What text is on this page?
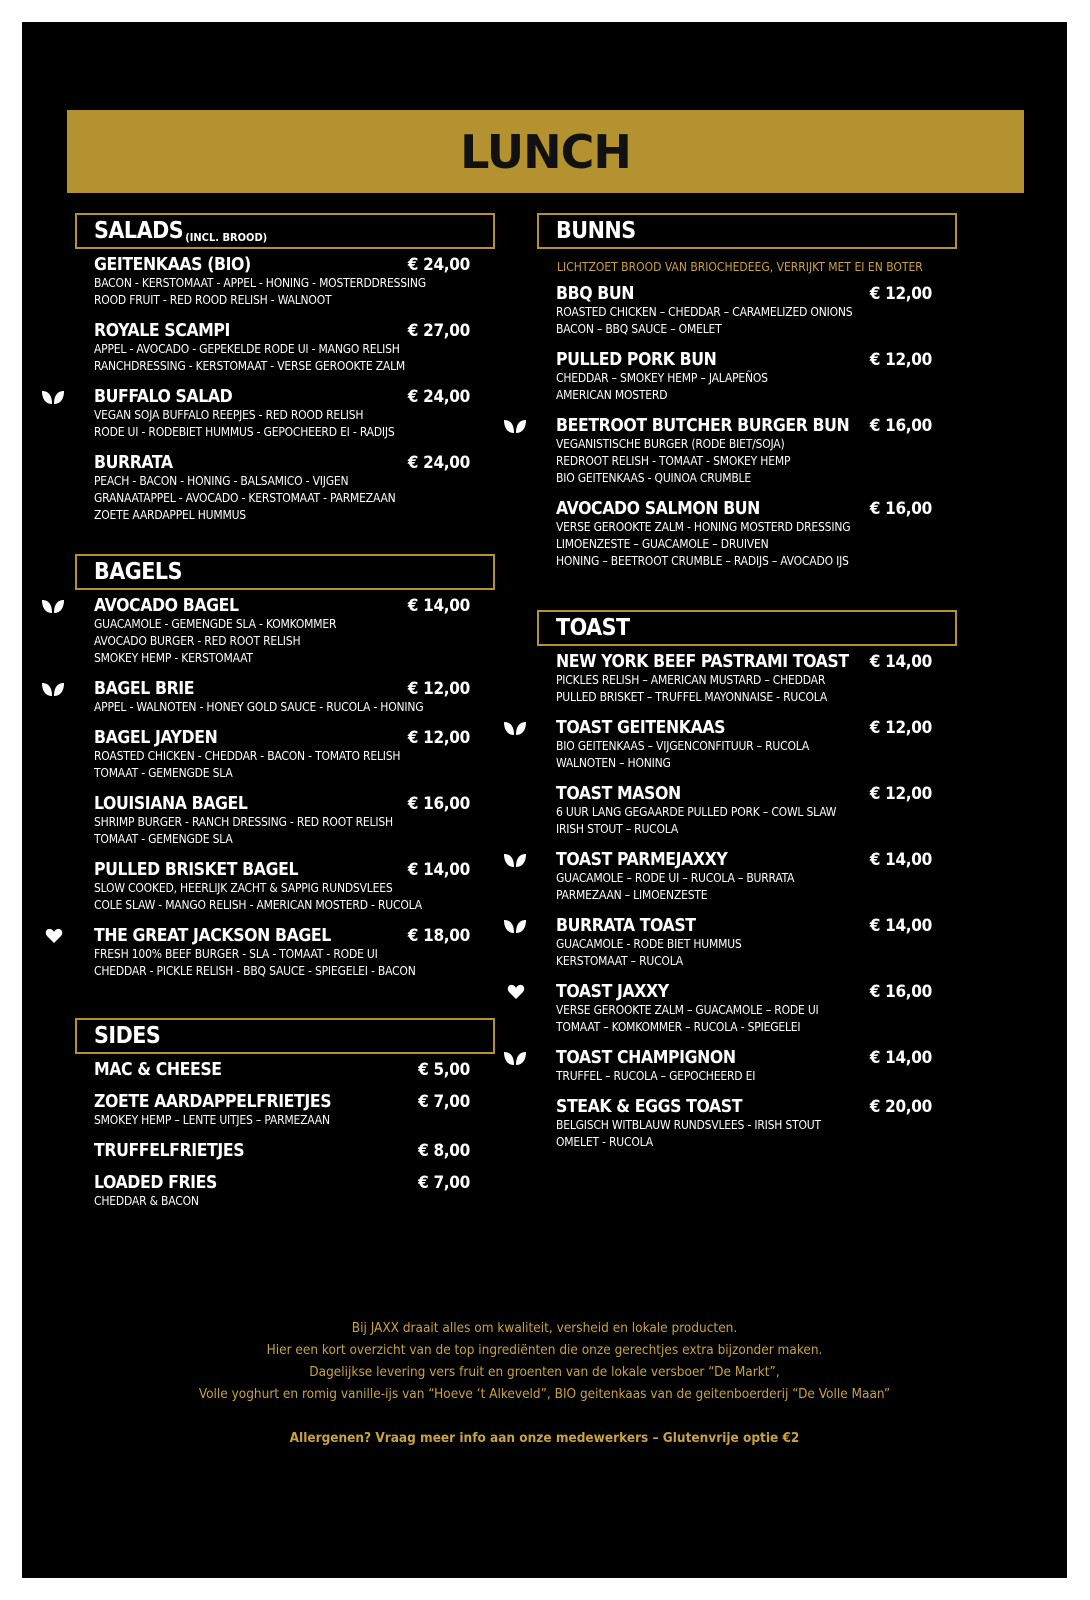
LUNCH
SALADS (INCL. BROOD)
GEITENKAAS (BIO)	€ 24,00
BACON - KERSTOMAAT - APPEL - HONING - MOSTERDDRESSING
ROOD FRUIT - RED ROOD RELISH - WALNOOT
ROYALE SCAMPI	€ 27,00
APPEL - AVOCADO - GEPEKELDE RODE UI - MANGO RELISH
RANCHDRESSING - KERSTOMAAT - VERSE GEROOKTE ZALM
BUFFALO SALAD	€ 24,00
VEGAN SOJA BUFFALO REEPJES - RED ROOD RELISH
RODE UI - RODEBIET HUMMUS - GEPOCHEERD EI - RADIJS
BURRATA	€ 24,00
PEACH - BACON - HONING - BALSAMICO - VIJGEN
GRANAATAPPEL - AVOCADO - KERSTOMAAT - PARMEZAAN
ZOETE AARDAPPEL HUMMUS
BAGELS
AVOCADO BAGEL	€ 14,00
GUACAMOLE - GEMENGDE SLA - KOMKOMMER
AVOCADO BURGER - RED ROOT RELISH
SMOKEY HEMP - KERSTOMAAT
BAGEL BRIE	€ 12,00
APPEL - WALNOTEN - HONEY GOLD SAUCE - RUCOLA - HONING
BAGEL JAYDEN	€ 12,00
ROASTED CHICKEN - CHEDDAR - BACON - TOMATO RELISH
TOMAAT - GEMENGDE SLA
LOUISIANA BAGEL	€ 16,00
SHRIMP BURGER - RANCH DRESSING - RED ROOT RELISH
TOMAAT - GEMENGDE SLA
PULLED BRISKET BAGEL	€ 14,00
SLOW COOKED, HEERLIJK ZACHT & SAPPIG RUNDSVLEES
COLE SLAW - MANGO RELISH - AMERICAN MOSTERD - RUCOLA
THE GREAT JACKSON BAGEL	€ 18,00
FRESH 100% BEEF BURGER - SLA - TOMAAT - RODE UI
CHEDDAR - PICKLE RELISH - BBQ SAUCE - SPIEGELEI - BACON
SIDES
MAC & CHEESE	€ 5,00
ZOETE AARDAPPELFRIETJES	€ 7,00
SMOKEY HEMP – LENTE UITJES – PARMEZAAN
TRUFFELFRIETJES	€ 8,00
LOADED FRIES	€ 7,00
CHEDDAR & BACON
BUNNS
LICHTZOET BROOD VAN BRIOCHEDEEG, VERRIJKT MET EI EN BOTER
BBQ BUN	€ 12,00
ROASTED CHICKEN – CHEDDAR – CARAMELIZED ONIONS
BACON – BBQ SAUCE – OMELET
PULLED PORK BUN	€ 12,00
CHEDDAR – SMOKEY HEMP – JALAPEÑOS
AMERICAN MOSTERD
BEETROOT BUTCHER BURGER BUN € 16,00
VEGANISTISCHE BURGER (RODE BIET/SOJA)
REDROOT RELISH - TOMAAT - SMOKEY HEMP
BIO GEITENKAAS - QUINOA CRUMBLE
AVOCADO SALMON BUN	€ 16,00
VERSE GEROOKTE ZALM - HONING MOSTERD DRESSING
LIMOENZESTE – GUACAMOLE – DRUIVEN
HONING – BEETROOT CRUMBLE – RADIJS – AVOCADO IJS
TOAST
NEW YORK BEEF PASTRAMI TOAST € 14,00
PICKLES RELISH – AMERICAN MUSTARD – CHEDDAR
PULLED BRISKET – TRUFFEL MAYONNAISE - RUCOLA
TOAST GEITENKAAS	€ 12,00
BIO GEITENKAAS – VIJGENCONFITUUR – RUCOLA
WALNOTEN – HONING
TOAST MASON	€ 12,00
6 UUR LANG GEGAARDE PULLED PORK – COWL SLAW
IRISH STOUT – RUCOLA
TOAST PARMEJAXXY	€ 14,00
GUACAMOLE – RODE UI – RUCOLA – BURRATA
PARMEZAAN – LIMOENZESTE
BURRATA TOAST	€ 14,00
GUACAMOLE - RODE BIET HUMMUS
KERSTOMAAT – RUCOLA
TOAST JAXXY	€ 16,00
VERSE GEROOKTE ZALM – GUACAMOLE – RODE UI
TOMAAT – KOMKOMMER – RUCOLA - SPIEGELEI
TOAST CHAMPIGNON	€ 14,00
TRUFFEL – RUCOLA – GEPOCHEERD EI
STEAK & EGGS TOAST	€ 20,00
BELGISCH WITBLAUW RUNDSVLEES - IRISH STOUT
OMELET - RUCOLA

Bij JAXX draait alles om kwaliteit, versheid en lokale producten.

Hier een kort overzicht van de top ingrediënten die onze gerechtjes extra bijzonder maken.

Dagelijkse levering vers fruit en groenten van de lokale versboer “De Markt”,

Volle yoghurt en romig vanille-ijs van “Hoeve ‘t Alkeveld”, BIO geitenkaas van de geitenboerderij “De Volle Maan”

Allergenen? Vraag meer info aan onze medewerkers – Glutenvrije optie €2
